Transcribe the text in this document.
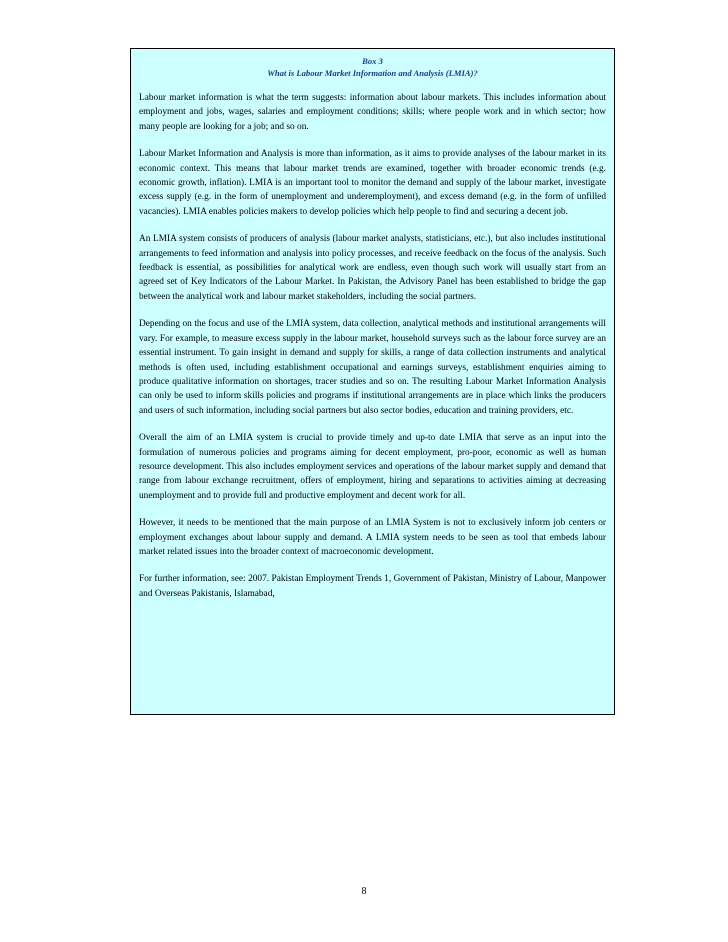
Box 3
What is Labour Market Information and Analysis (LMIA)?

Labour market information is what the term suggests: information about labour markets. This includes information about employment and jobs, wages, salaries and employment conditions; skills; where people work and in which sector; how many people are looking for a job; and so on.

Labour Market Information and Analysis is more than information, as it aims to provide analyses of the labour market in its economic context. This means that labour market trends are examined, together with broader economic trends (e.g. economic growth, inflation). LMIA is an important tool to monitor the demand and supply of the labour market, investigate excess supply (e.g. in the form of unemployment and underemployment), and excess demand (e.g. in the form of unfilled vacancies). LMIA enables policies makers to develop policies which help people to find and securing a decent job.

An LMIA system consists of producers of analysis (labour market analysts, statisticians, etc.), but also includes institutional arrangements to feed information and analysis into policy processes, and receive feedback on the focus of the analysis. Such feedback is essential, as possibilities for analytical work are endless, even though such work will usually start from an agreed set of Key Indicators of the Labour Market. In Pakistan, the Advisory Panel has been established to bridge the gap between the analytical work and labour market stakeholders, including the social partners.

Depending on the focus and use of the LMIA system, data collection, analytical methods and institutional arrangements will vary. For example, to measure excess supply in the labour market, household surveys such as the labour force survey are an essential instrument. To gain insight in demand and supply for skills, a range of data collection instruments and analytical methods is often used, including establishment occupational and earnings surveys, establishment enquiries aiming to produce qualitative information on shortages, tracer studies and so on. The resulting Labour Market Information Analysis can only be used to inform skills policies and programs if institutional arrangements are in place which links the producers and users of such information, including social partners but also sector bodies, education and training providers, etc.

Overall the aim of an LMIA system is crucial to provide timely and up-to date LMIA that serve as an input into the formulation of numerous policies and programs aiming for decent employment, pro-poor, economic as well as human resource development. This also includes employment services and operations of the labour market supply and demand that range from labour exchange recruitment, offers of employment, hiring and separations to activities aiming at decreasing unemployment and to provide full and productive employment and decent work for all.

However, it needs to be mentioned that the main purpose of an LMIA System is not to exclusively inform job centers or employment exchanges about labour supply and demand. A LMIA system needs to be seen as tool that embeds labour market related issues into the broader context of macroeconomic development.

For further information, see: 2007. Pakistan Employment Trends 1, Government of Pakistan, Ministry of Labour, Manpower and Overseas Pakistanis, Islamabad,

8
